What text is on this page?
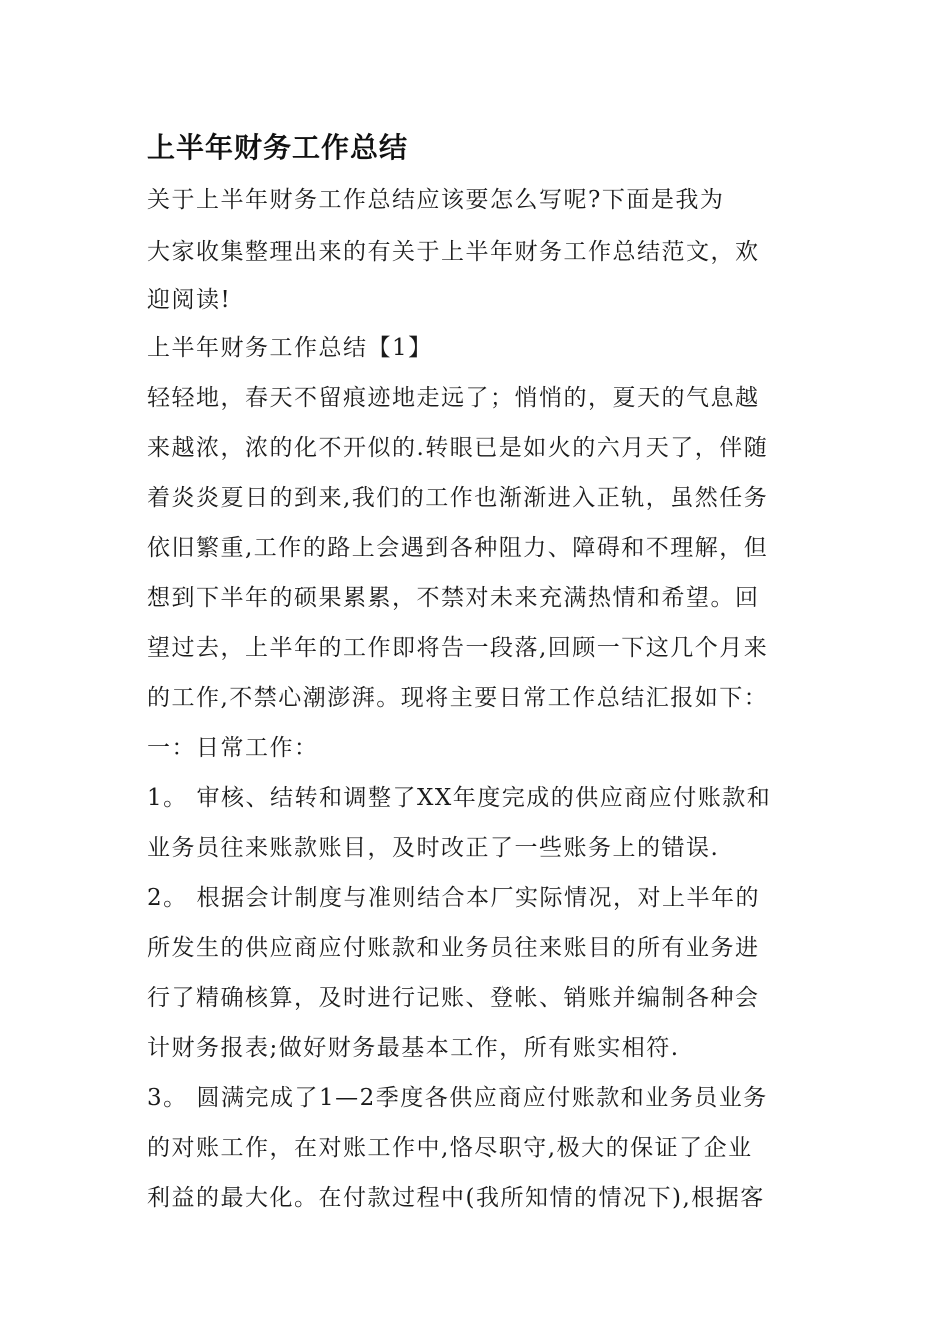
上半年财务工作总结
关于上半年财务工作总结应该要怎么写呢?下面是我为
大家收集整理出来的有关于上半年财务工作总结范文，欢
迎阅读!
上半年财务工作总结【1】
轻轻地，春天不留痕迹地走远了；悄悄的，夏天的气息越
来越浓，浓的化不开似的.转眼已是如火的六月天了，伴随
着炎炎夏日的到来,我们的工作也渐渐进入正轨，虽然任务
依旧繁重,工作的路上会遇到各种阻力、障碍和不理解，但
想到下半年的硕果累累，不禁对未来充满热情和希望。回
望过去，上半年的工作即将告一段落,回顾一下这几个月来
的工作,不禁心潮澎湃。现将主要日常工作总结汇报如下：
一：日常工作：
1。 审核、结转和调整了XX年度完成的供应商应付账款和
业务员往来账款账目，及时改正了一些账务上的错误.
2。 根据会计制度与准则结合本厂实际情况，对上半年的
所发生的供应商应付账款和业务员往来账目的所有业务进
行了精确核算，及时进行记账、登帐、销账并编制各种会
计财务报表;做好财务最基本工作，所有账实相符.
3。 圆满完成了1—2季度各供应商应付账款和业务员业务
的对账工作，在对账工作中,恪尽职守,极大的保证了企业
利益的最大化。在付款过程中(我所知情的情况下),根据客
